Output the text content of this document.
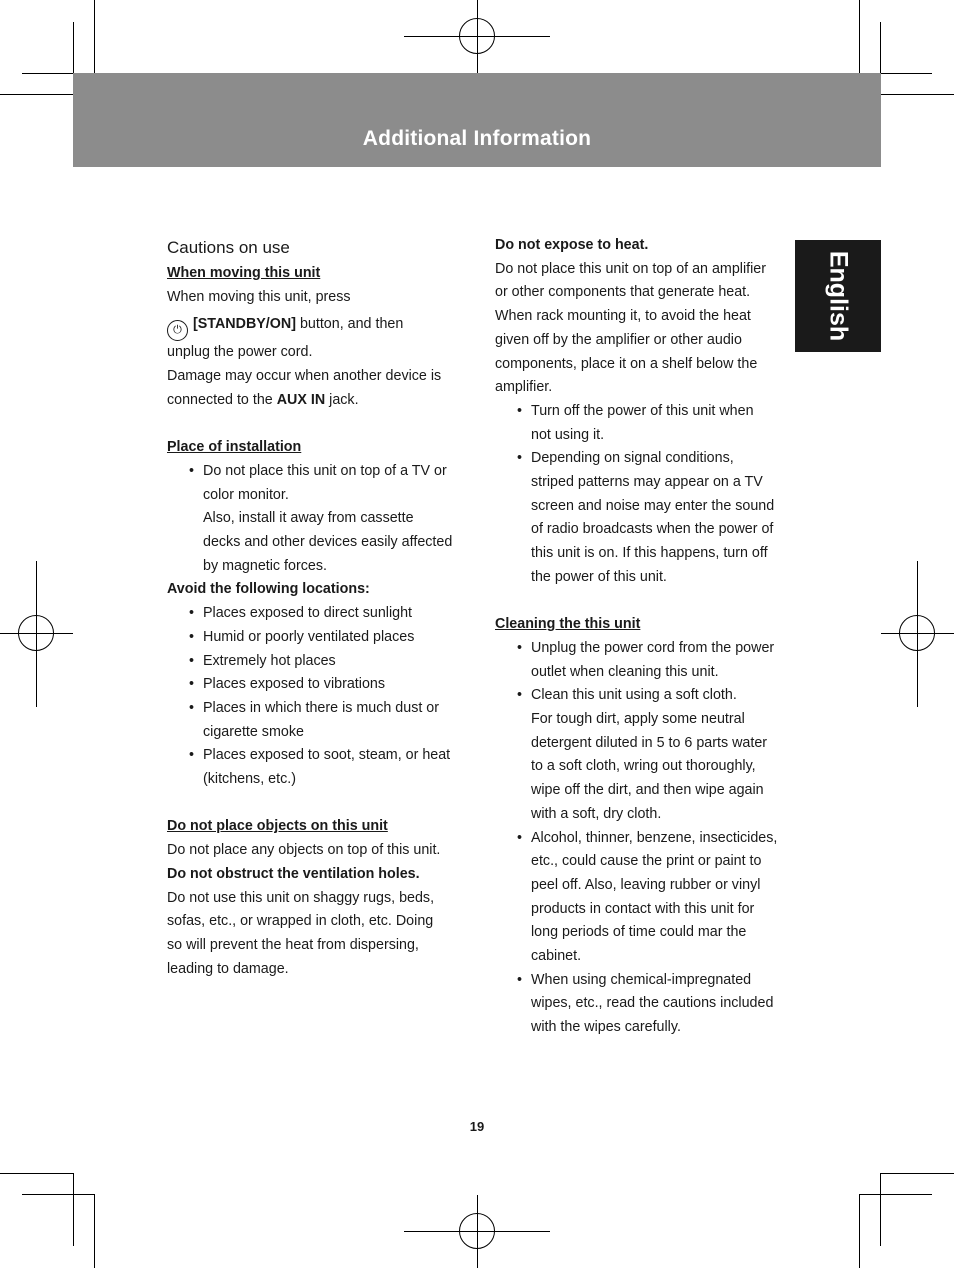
Additional Information
English
Cautions on use

When moving this unit

When moving this unit, press

⏻ [STANDBY/ON] button, and then

unplug the power cord.

Damage may occur when another device is

connected to the AUX IN jack.

Place of installation

• Do not place this unit on top of a TV or
color monitor.
Also, install it away from cassette
decks and other devices easily affected
by magnetic forces.

Avoid the following locations:

• Places exposed to direct sunlight
• Humid or poorly ventilated places
• Extremely hot places
• Places exposed to vibrations
• Places in which there is much dust or
cigarette smoke
• Places exposed to soot, steam, or heat
(kitchens, etc.)

Do not place objects on this unit

Do not place any objects on top of this unit.

Do not obstruct the ventilation holes.

Do not use this unit on shaggy rugs, beds,

sofas, etc., or wrapped in cloth, etc. Doing

so will prevent the heat from dispersing,

leading to damage.

Do not expose to heat.

Do not place this unit on top of an amplifier

or other components that generate heat.

When rack mounting it, to avoid the heat

given off by the amplifier or other audio

components, place it on a shelf below the

amplifier.

• Turn off the power of this unit when
not using it.
• Depending on signal conditions,
striped patterns may appear on a TV
screen and noise may enter the sound
of radio broadcasts when the power of
this unit is on. If this happens, turn off
the power of this unit.

Cleaning the this unit

• Unplug the power cord from the power
outlet when cleaning this unit.
• Clean this unit using a soft cloth.
For tough dirt, apply some neutral
detergent diluted in 5 to 6 parts water
to a soft cloth, wring out thoroughly,
wipe off the dirt, and then wipe again
with a soft, dry cloth.
• Alcohol, thinner, benzene, insecticides,
etc., could cause the print or paint to
peel off. Also, leaving rubber or vinyl
products in contact with this unit for
long periods of time could mar the
cabinet.
• When using chemical-impregnated
wipes, etc., read the cautions included
with the wipes carefully.
19
